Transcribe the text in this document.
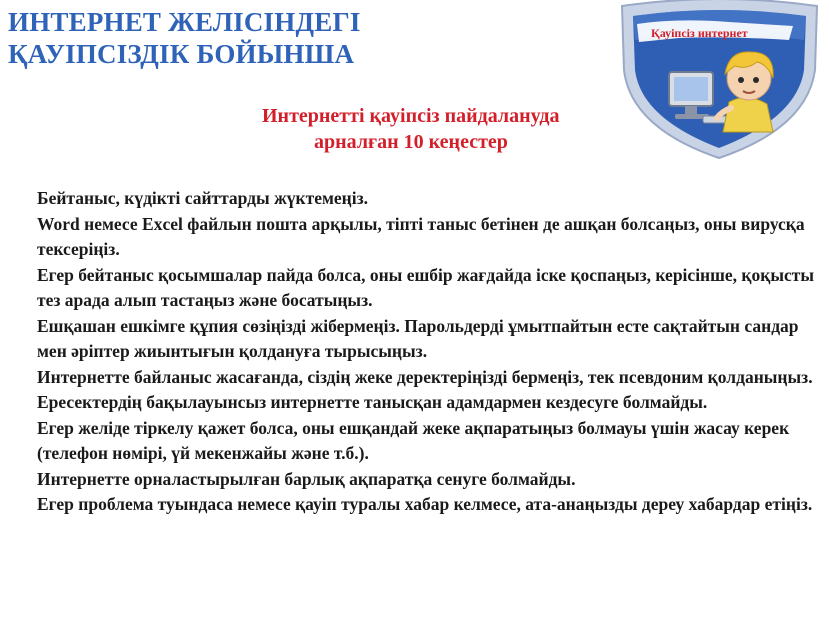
ИНТЕРНЕТ ЖЕЛІСІНДЕГІ
ҚАУІПСІЗДІК БОЙЫНША
Интернетті қауіпсіз пайдалануда
арналған 10 кеңестер
Қауіпсіз интернет
Бейтаныс, күдікті сайттарды жүктемеңіз.
Word немесе Excel файлын пошта арқылы, тіпті таныс бетінен де ашқан болсаңыз, оны вирусқа тексеріңіз.
Егер бейтаныс қосымшалар пайда болса, оны ешбір жағдайда іске қоспаңыз, керісінше, қоқысты тез арада алып тастаңыз және босатыңыз.
Ешқашан ешкімге құпия сөзіңізді жібермеңіз. Парольдерді ұмытпайтын есте сақтайтын сандар мен әріптер жиынтығын қолдануға тырысыңыз.
Интернетте байланыс жасағанда, сіздің жеке деректеріңізді бермеңіз, тек псевдоним қолданыңыз.
Ересектердің бақылауынсыз интернетте танысқан адамдармен кездесуге болмайды.
Егер желіде тіркелу қажет болса, оны ешқандай жеке ақпаратыңыз болмауы үшін жасау керек (телефон нөмірі, үй мекенжайы және т.б.).
Интернетте орналастырылған барлық ақпаратқа сенуге болмайды.
Егер проблема туындаса немесе қауіп туралы хабар келмесе, ата-анаңызды дереу хабардар етіңіз.
